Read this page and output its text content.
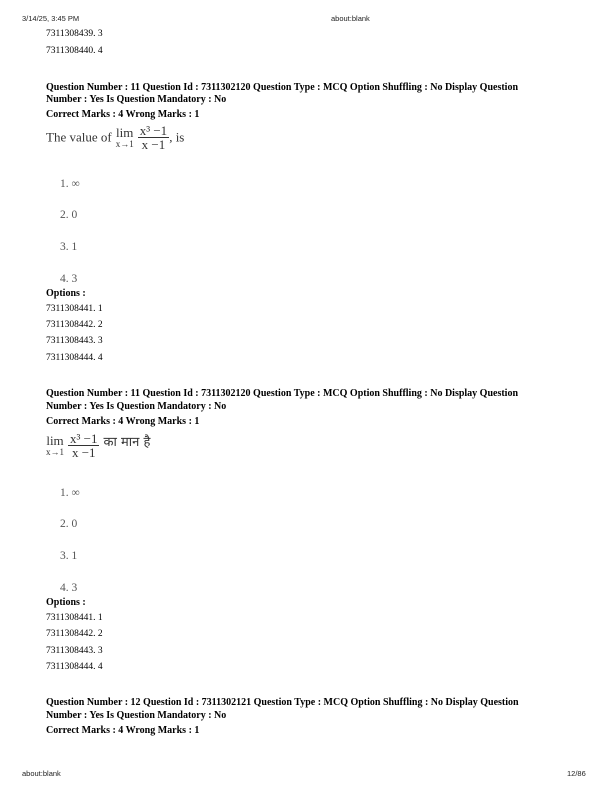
3/14/25, 3:45 PM	about:blank
7311308439. 3
7311308440. 4
Question Number : 11 Question Id : 7311302120 Question Type : MCQ Option Shuffling : No Display Question
Number : Yes Is Question Mandatory : No
Correct Marks : 4 Wrong Marks : 1
The value of lim
x→1
$\frac{\text{x³ −1}}{x -1}$ , is
1. ∞
2. 0
3. 1
4. 3
Options :
7311308441. 1
7311308442. 2
7311308443. 3
7311308444. 4
Question Number : 11 Question Id : 7311302120 Question Type : MCQ Option Shuffling : No Display Question
Number : Yes Is Question Mandatory : No
Correct Marks : 4 Wrong Marks : 1
lim
x→1
$\frac{\text{x³ −1}}{x -1} ^{का मान है}$
1. ∞
2. 0
3. 1
4. 3
Options :
7311308441. 1
7311308442. 2
7311308443. 3
7311308444. 4
Question Number : 12 Question Id : 7311302121 Question Type : MCQ Option Shuffling : No Display Question
Number : Yes Is Question Mandatory : No
Correct Marks : 4 Wrong Marks : 1
about:blank	12/86
